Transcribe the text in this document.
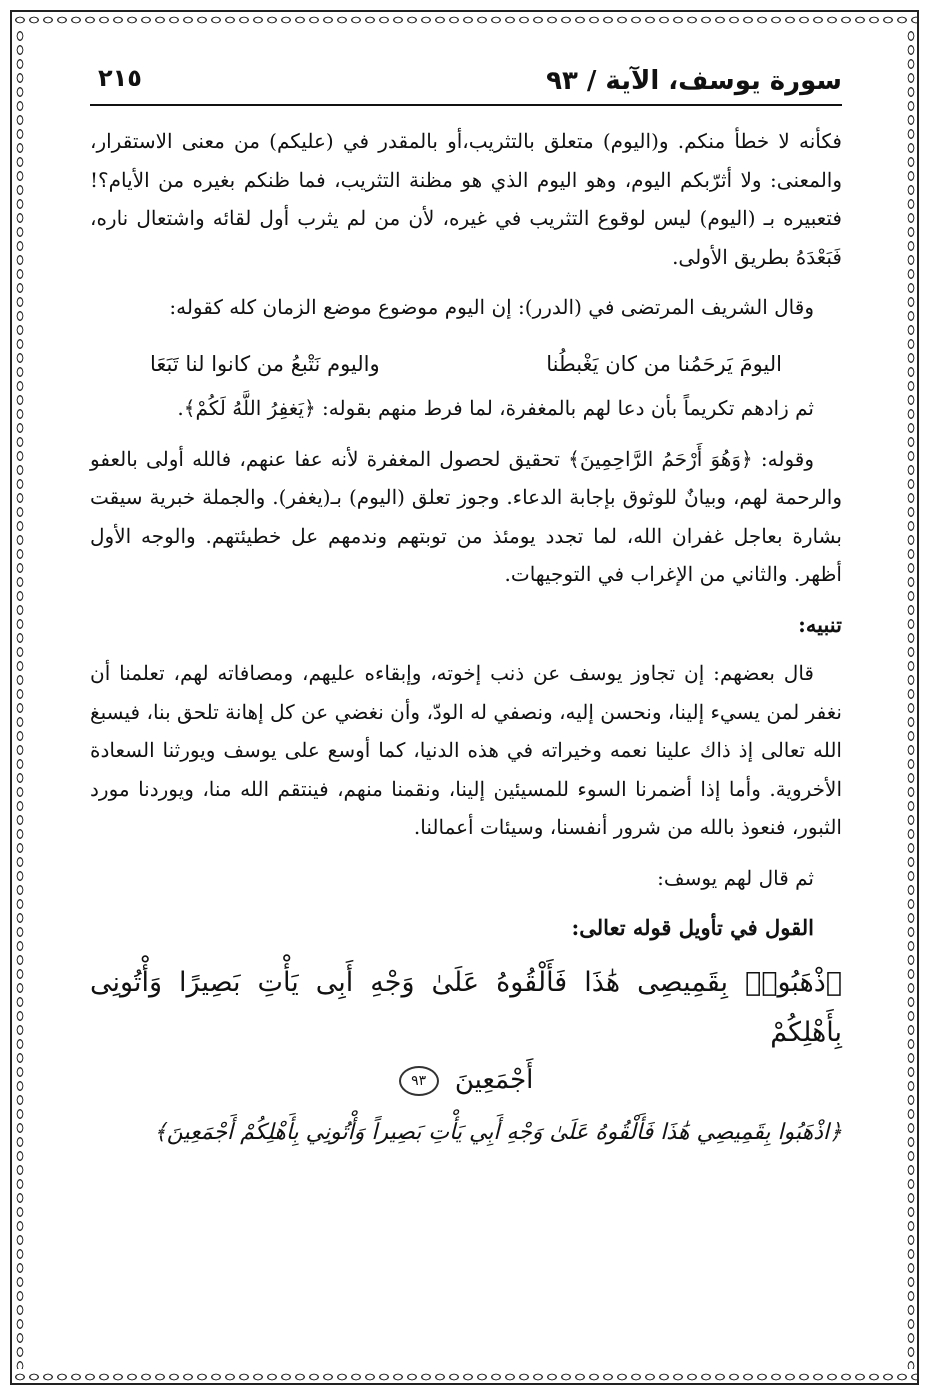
سورة يوسف، الآية / ٩٣
٢١٥

فكأنه لا خطأ منكم. و(اليوم) متعلق بالتثريب،أو بالمقدر في (عليكم) من معنى الاستقرار، والمعنى: ولا أثرّبكم اليوم، وهو اليوم الذي هو مظنة التثريب، فما ظنكم بغيره من الأيام؟! فتعبيره بـ (اليوم) ليس لوقوع التثريب في غيره، لأن من لم يثرب أول لقائه واشتعال ناره، فَبَعْدَهُ بطريق الأولى.

وقال الشريف المرتضى في (الدرر): إن اليوم موضوع موضع الزمان كله كقوله:

اليومَ يَرحَمُنا من كان يَغْبطُنا
واليوم نَتْبعُ من كانوا لنا تَبَعَا

ثم زادهم تكريماً بأن دعا لهم بالمغفرة، لما فرط منهم بقوله: ﴿يَغفِرُ اللَّهُ لَكُمْ﴾.

وقوله: ﴿وَهُوَ أَرْحَمُ الرَّاحِمِينَ﴾ تحقيق لحصول المغفرة لأنه عفا عنهم، فالله أولى بالعفو والرحمة لهم، وبيانٌ للوثوق بإجابة الدعاء. وجوز تعلق (اليوم) بـ(يغفر). والجملة خبرية سيقت بشارة بعاجل غفران الله، لما تجدد يومئذ من توبتهم وندمهم عل خطيئتهم. والوجه الأول أظهر. والثاني من الإغراب في التوجيهات.

تنبيه:

قال بعضهم: إن تجاوز يوسف عن ذنب إخوته، وإبقاءه عليهم، ومصافاته لهم، تعلمنا أن نغفر لمن يسيء إلينا، ونحسن إليه، ونصفي له الودّ، وأن نغضي عن كل إهانة تلحق بنا، فيسبغ الله تعالى إذ ذاك علينا نعمه وخيراته في هذه الدنيا، كما أوسع على يوسف ويورثنا السعادة الأخروية. وأما إذا أضمرنا السوء للمسيئين إلينا، ونقمنا منهم، فينتقم الله منا، ويوردنا مورد الثبور، فنعوذ بالله من شرور أنفسنا، وسيئات أعمالنا.

ثم قال لهم يوسف:

القول في تأويل قوله تعالى:
ٱذْهَبُوا۟ بِقَمِيصِى هَٰذَا فَأَلْقُوهُ عَلَىٰ وَجْهِ أَبِى يَأْتِ بَصِيرًا وَأْتُونِى بِأَهْلِكُمْ
أَجْمَعِينَ ٩٣
﴿اذْهَبُوا بِقَمِيصِي هَٰذَا فَأَلْقُوهُ عَلَىٰ وَجْهِ أَبِي يَأْتِ بَصِيراً وَأْتُونِي بِأَهْلِكُمْ أَجْمَعِينَ﴾
